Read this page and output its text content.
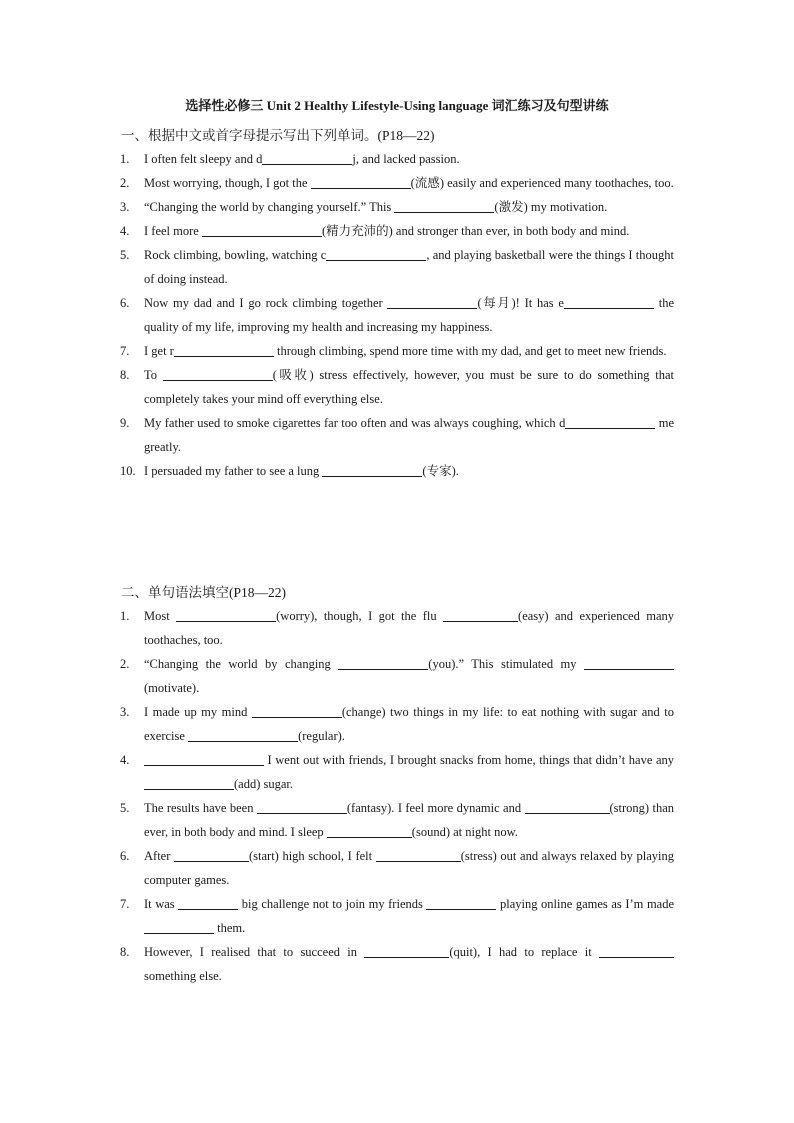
选择性必修三 Unit 2 Healthy Lifestyle-Using language 词汇练习及句型讲练
一、根据中文或首字母提示写出下列单词。(P18—22)
1. I often felt sleepy and d	j, and lacked passion.
2. Most worrying, though, I got the	(流感) easily and experienced many toothaches, too.
3. “Changing the world by changing yourself.” This	(激发) my motivation.
4. I feel more	(精力充沛的) and stronger than ever, in both body and mind.
5. Rock climbing, bowling, watching c	, and playing basketball were the things I thought of doing instead.
6. Now my dad and I go rock climbing together	(每月)! It has e	the quality of my life, improving my health and increasing my happiness.
7. I get r	through climbing, spend more time with my dad, and get to meet new friends.
8. To	(吸收) stress effectively, however, you must be sure to do something that completely takes your mind off everything else.
9. My father used to smoke cigarettes far too often and was always coughing, which d	me greatly.
10. I persuaded my father to see a lung	(专家).
二、单句语法填空(P18—22)
1. Most	(worry), though, I got the flu	(easy) and experienced many toothaches, too.
2. “Changing the world by changing	(you).” This stimulated my (motivate).
3. I made up my mind	(change) two things in my life: to eat nothing with sugar and to exercise	(regular).
4.	I went out with friends, I brought snacks from home, things that didn’t have any (add) sugar.
5. The results have been	(fantasy). I feel more dynamic and	(strong) than ever, in both body and mind. I sleep	(sound) at night now.
6. After	(start) high school, I felt	(stress) out and always relaxed by playing computer games.
7. It was	big challenge not to join my friends	playing online games as I’m made  them.
8. However, I realised that to succeed in	(quit), I had to replace it  something else.
